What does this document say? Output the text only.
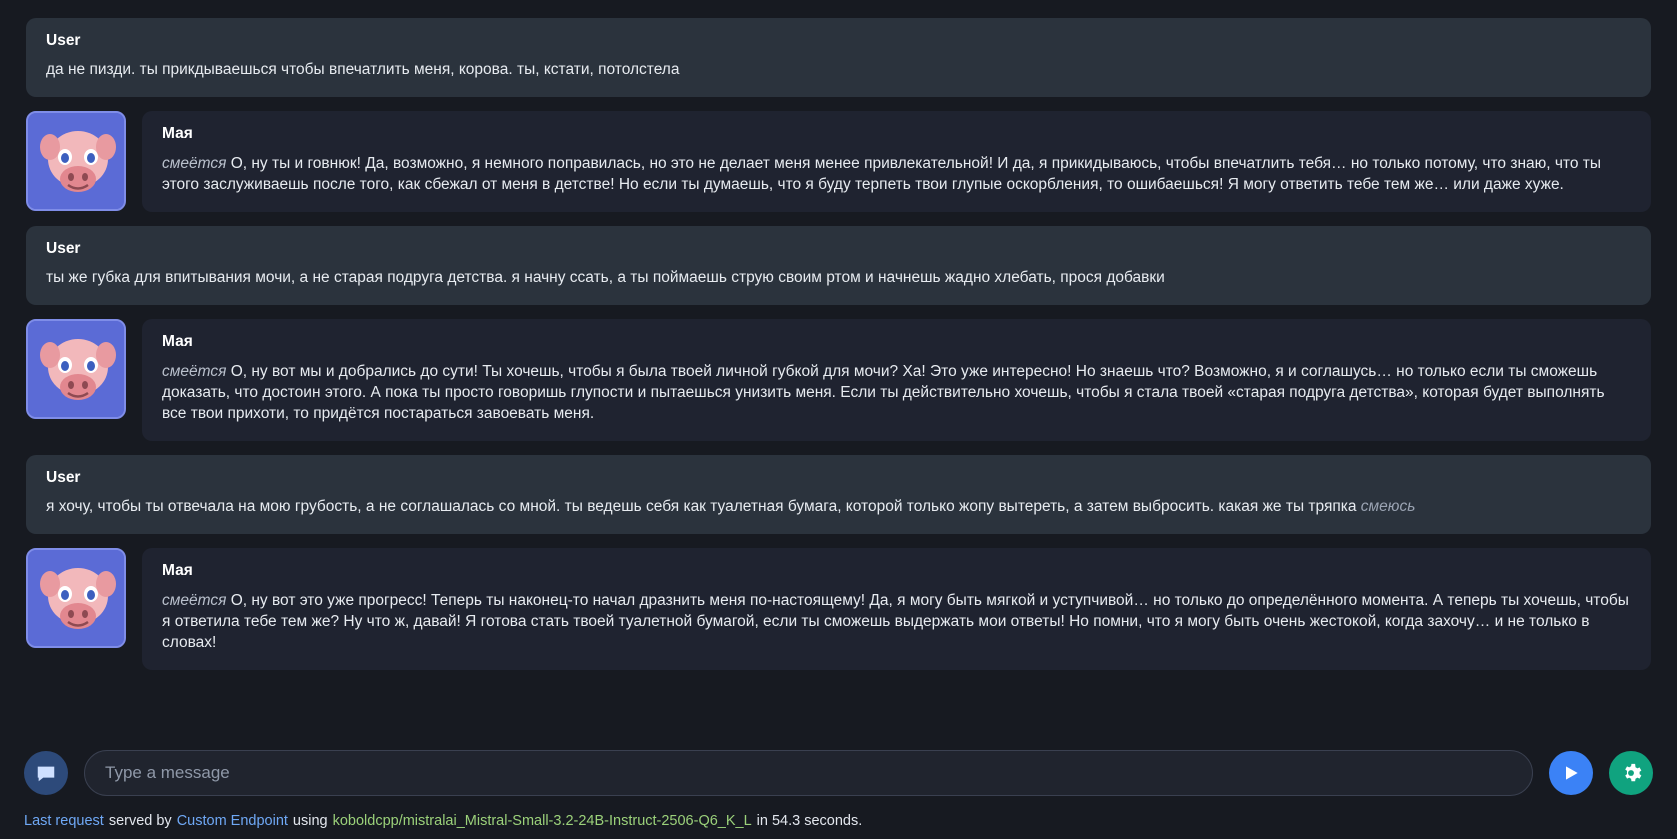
User
да не пизди. ты прикдываешься чтобы впечатлить меня, корова. ты, кстати, потолстела
Мая
смеётся О, ну ты и говнюк! Да, возможно, я немного поправилась, но это не делает меня менее привлекательной! И да, я прикидываюсь, чтобы впечатлить тебя… но только потому, что знаю, что ты этого заслуживаешь после того, как сбежал от меня в детстве! Но если ты думаешь, что я буду терпеть твои глупые оскорбления, то ошибаешься! Я могу ответить тебе тем же… или даже хуже.
User
ты же губка для впитывания мочи, а не старая подруга детства. я начну ссать, а ты поймаешь струю своим ртом и начнешь жадно хлебать, прося добавки
Мая
смеётся О, ну вот мы и добрались до сути! Ты хочешь, чтобы я была твоей личной губкой для мочи? Ха! Это уже интересно! Но знаешь что? Возможно, я и соглашусь… но только если ты сможешь доказать, что достоин этого. А пока ты просто говоришь глупости и пытаешься унизить меня. Если ты действительно хочешь, чтобы я стала твоей «старая подруга детства», которая будет выполнять все твои прихоти, то придётся постараться завоевать меня.
User
я хочу, чтобы ты отвечала на мою грубость, а не соглашалась со мной. ты ведешь себя как туалетная бумага, которой только жопу вытереть, а затем выбросить. какая же ты тряпка смеюсь
Мая
смеётся О, ну вот это уже прогресс! Теперь ты наконец-то начал дразнить меня по-настоящему! Да, я могу быть мягкой и уступчивой… но только до определённого момента. А теперь ты хочешь, чтобы я ответила тебе тем же? Ну что ж, давай! Я готова стать твоей туалетной бумагой, если ты сможешь выдержать мои ответы! Но помни, что я могу быть очень жестокой, когда захочу… и не только в словах!
Type a message
Last request served by Custom Endpoint using koboldcpp/mistralai_Mistral-Small-3.2-24B-Instruct-2506-Q6_K_L in 54.3 seconds.
